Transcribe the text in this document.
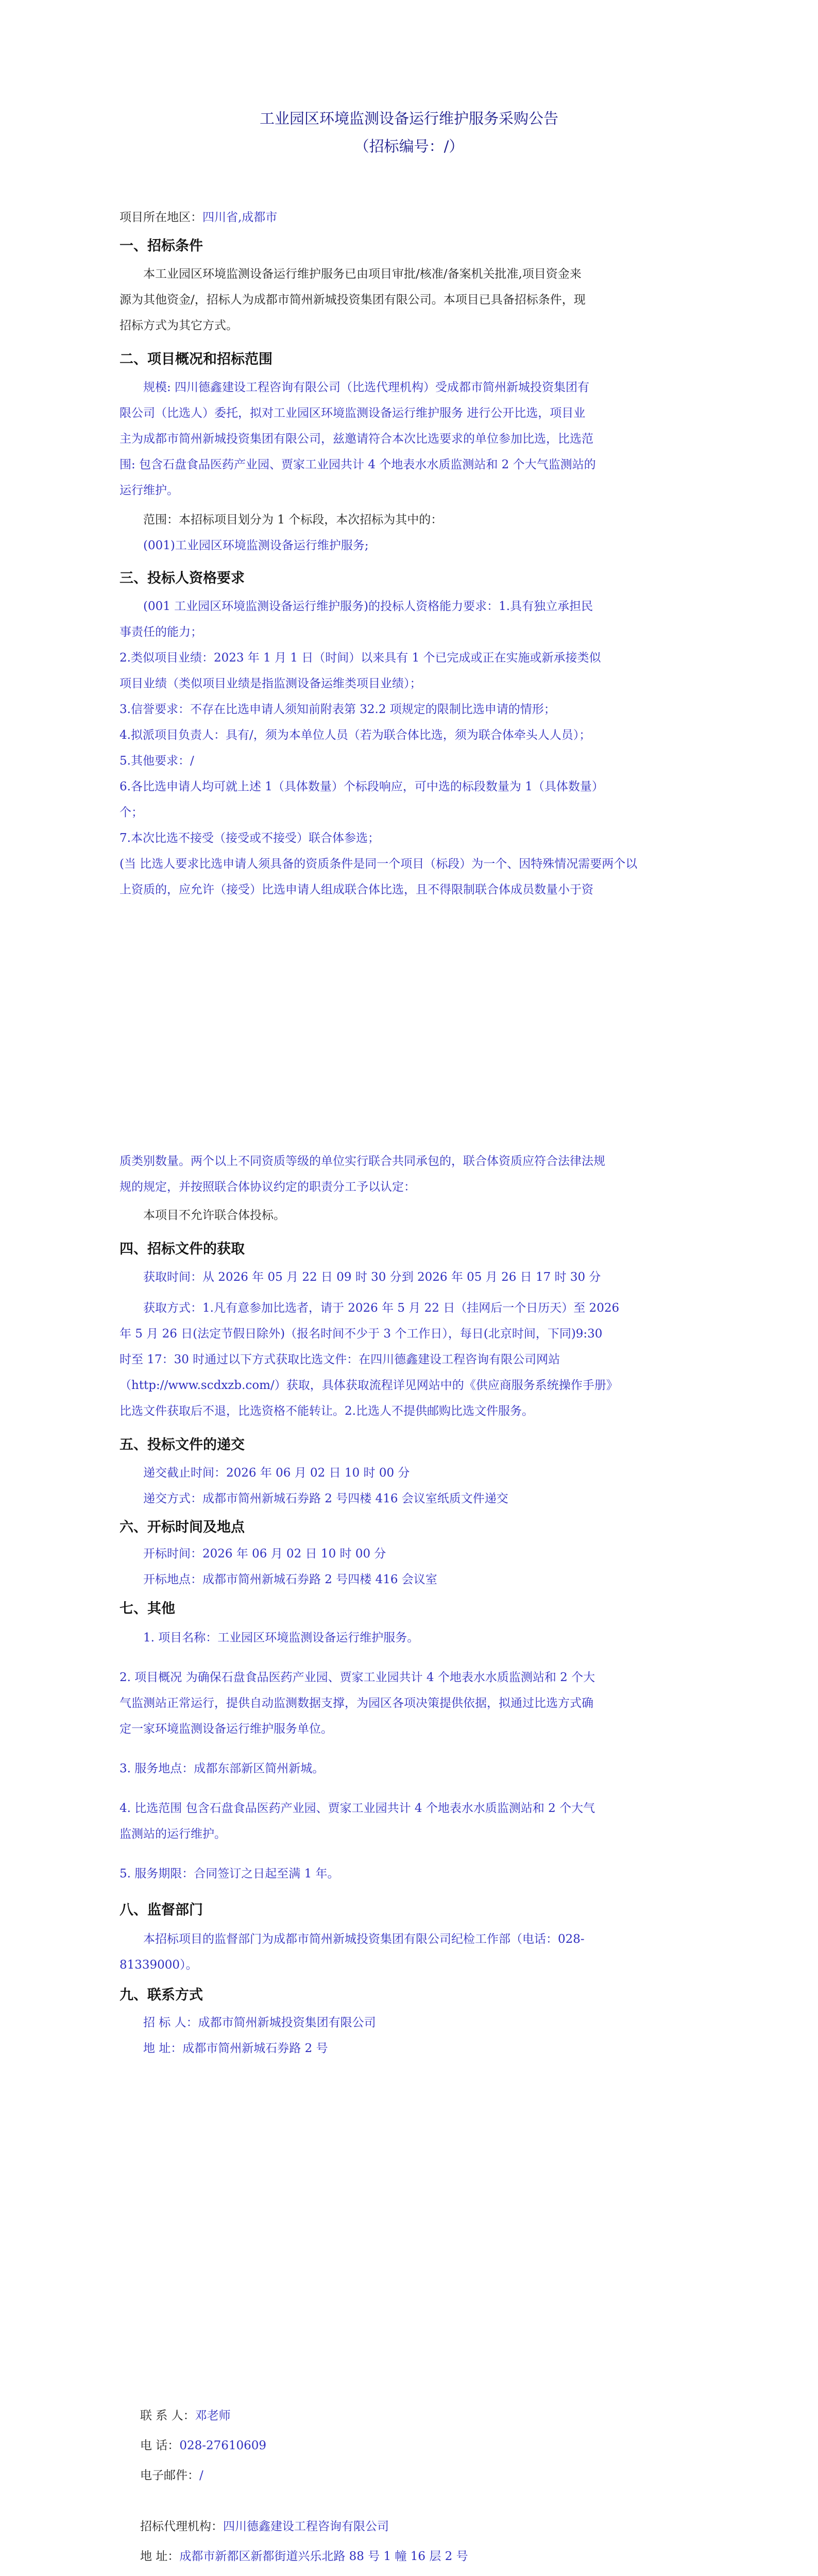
工业园区环境监测设备运行维护服务采购公告
（招标编号：/）
项目所在地区：四川省,成都市
一、招标条件
本工业园区环境监测设备运行维护服务已由项目审批/核准/备案机关批准,项目资金来
源为其他资金/，招标人为成都市简州新城投资集团有限公司。本项目已具备招标条件，现
招标方式为其它方式。
二、项目概况和招标范围
规模: 四川德鑫建设工程咨询有限公司（比选代理机构）受成都市简州新城投资集团有
限公司（比选人）委托，拟对工业园区环境监测设备运行维护服务 进行公开比选，项目业
主为成都市简州新城投资集团有限公司，兹邀请符合本次比选要求的单位参加比选，比选范
围: 包含石盘食品医药产业园、贾家工业园共计 4 个地表水水质监测站和 2 个大气监测站的
运行维护。
范围：本招标项目划分为 1 个标段，本次招标为其中的：
(001)工业园区环境监测设备运行维护服务;
三、投标人资格要求
(001 工业园区环境监测设备运行维护服务)的投标人资格能力要求：1.具有独立承担民
事责任的能力；
2.类似项目业绩：2023 年 1 月 1 日（时间）以来具有 1 个已完成或正在实施或新承接类似
项目业绩（类似项目业绩是指监测设备运维类项目业绩）；
3.信誉要求：不存在比选申请人须知前附表第 32.2 项规定的限制比选申请的情形；
4.拟派项目负责人：具有/，须为本单位人员（若为联合体比选，须为联合体牵头人人员）；
5.其他要求：/
6.各比选申请人均可就上述 1（具体数量）个标段响应，可中选的标段数量为 1（具体数量）
个；
7.本次比选不接受（接受或不接受）联合体参选；
(当 比选人要求比选申请人须具备的资质条件是同一个项目（标段）为一个、因特殊情况需要两个以
上资质的，应允许（接受）比选申请人组成联合体比选，且不得限制联合体成员数量小于资
质类别数量。两个以上不同资质等级的单位实行联合共同承包的，联合体资质应符合法律法规
规的规定，并按照联合体协议约定的职责分工予以认定：
本项目不允许联合体投标。
四、招标文件的获取
获取时间：从 2026 年 05 月 22 日 09 时 30 分到 2026 年 05 月 26 日 17 时 30 分
获取方式：1.凡有意参加比选者，请于 2026 年 5 月 22 日（挂网后一个日历天）至 2026
年 5 月 26 日(法定节假日除外)（报名时间不少于 3 个工作日），每日(北京时间，下同)9:30
时至 17：30 时通过以下方式获取比选文件：在四川德鑫建设工程咨询有限公司网站
（http://www.scdxzb.com/）获取，具体获取流程详见网站中的《供应商服务系统操作手册》
比选文件获取后不退，比选资格不能转让。2.比选人不提供邮购比选文件服务。
五、投标文件的递交
递交截止时间：2026 年 06 月 02 日 10 时 00 分
递交方式：成都市简州新城石券路 2 号四楼 416 会议室纸质文件递交
六、开标时间及地点
开标时间：2026 年 06 月 02 日 10 时 00 分
开标地点：成都市简州新城石券路 2 号四楼 416 会议室
七、其他
1. 项目名称：工业园区环境监测设备运行维护服务。
2. 项目概况 为确保石盘食品医药产业园、贾家工业园共计 4 个地表水水质监测站和 2 个大
气监测站正常运行，提供自动监测数据支撑，为园区各项决策提供依据，拟通过比选方式确
定一家环境监测设备运行维护服务单位。
3. 服务地点：成都东部新区简州新城。
4. 比选范围 包含石盘食品医药产业园、贾家工业园共计 4 个地表水水质监测站和 2 个大气
监测站的运行维护。
5. 服务期限：合同签订之日起至满 1 年。
八、监督部门
本招标项目的监督部门为成都市简州新城投资集团有限公司纪检工作部（电话：028-
81339000）。
九、联系方式
招 标 人：成都市简州新城投资集团有限公司
地 址：成都市简州新城石券路 2 号
联 系 人：邓老师
电 话：028-27610609
电子邮件：/
招标代理机构：四川德鑫建设工程咨询有限公司
地 址：成都市新都区新都街道兴乐北路 88 号 1 幢 16 层 2 号
